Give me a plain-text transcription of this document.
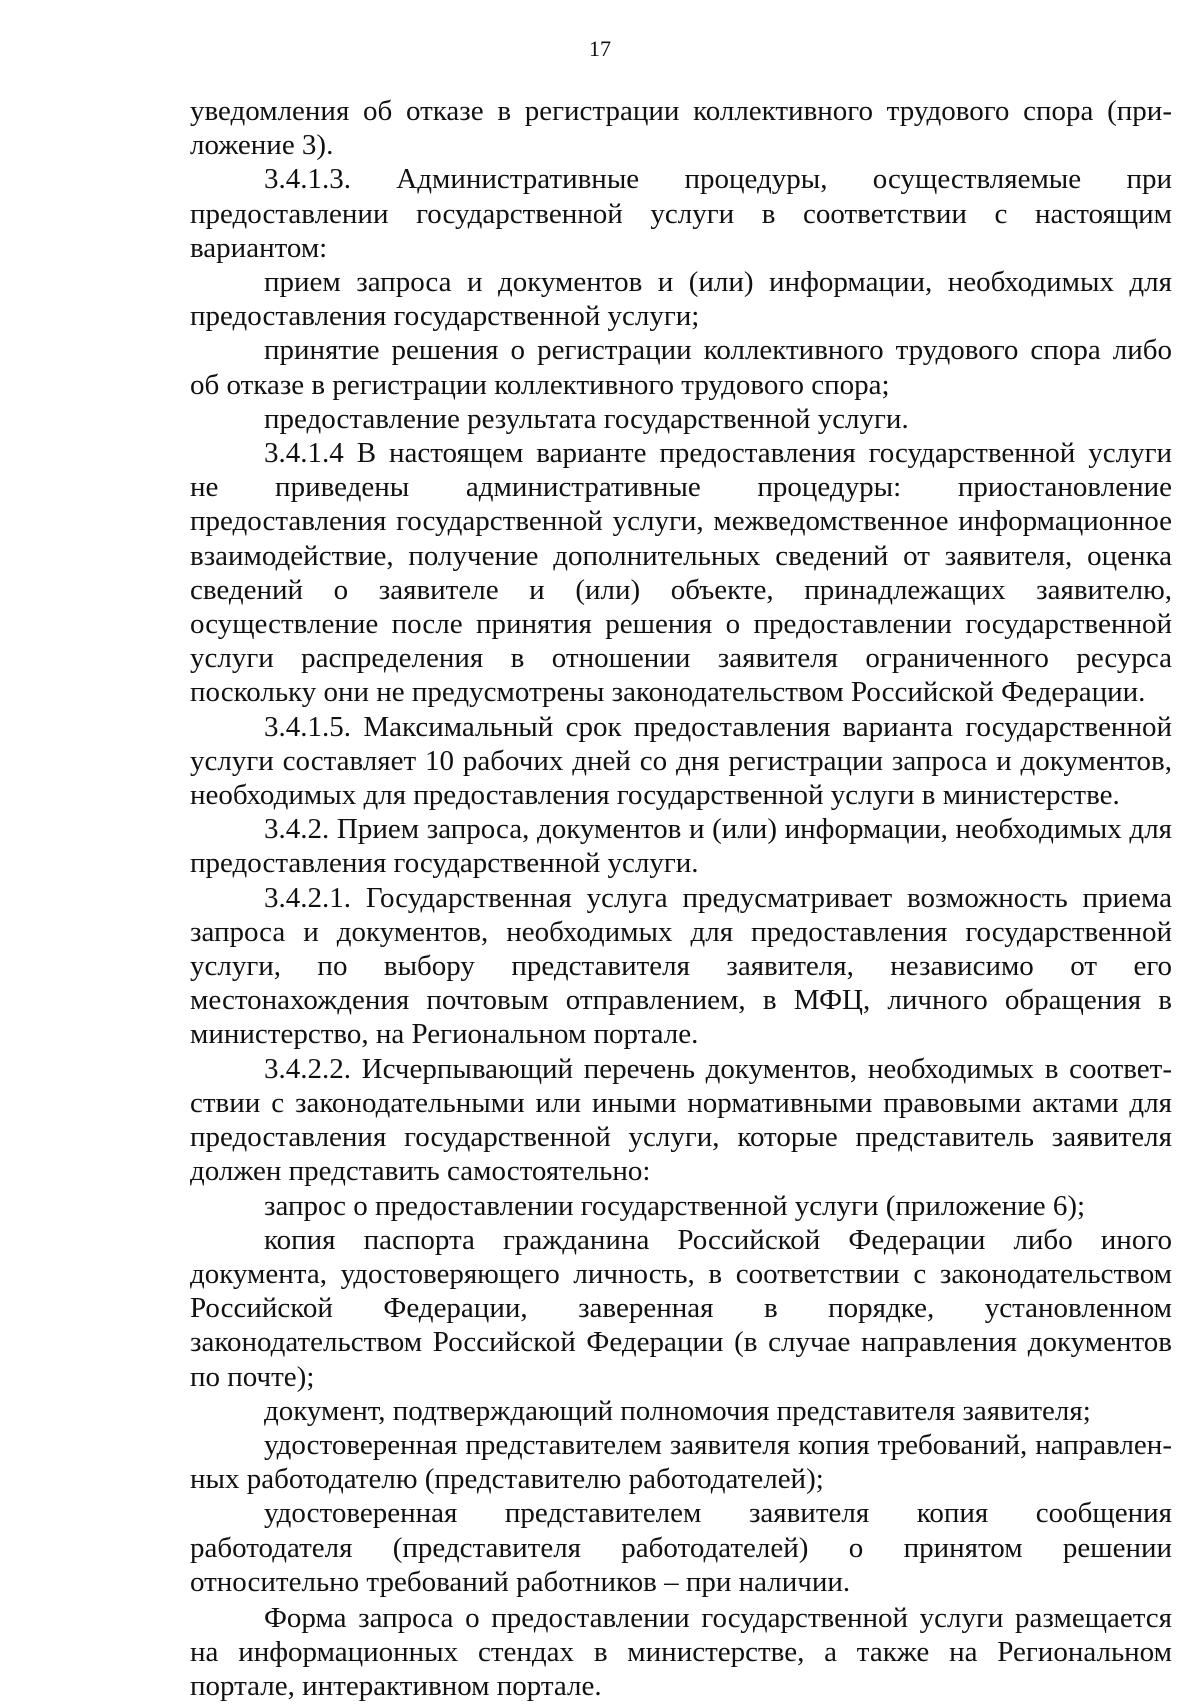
17

уведомления об отказе в регистрации коллективного трудового спора (приложение 3).

3.4.1.3. Административные процедуры, осуществляемые при предоставлении государственной услуги в соответствии с настоящим вариантом:

прием запроса и документов и (или) информации, необходимых для предоставления государственной услуги;

принятие решения о регистрации коллективного трудового спора либо об отказе в регистрации коллективного трудового спора;

предоставление результата государственной услуги.

3.4.1.4 В настоящем варианте предоставления государственной услуги не приведены административные процедуры: приостановление предоставления государственной услуги, межведомственное информационное взаимодействие, получение дополнительных сведений от заявителя, оценка сведений о заявителе и (или) объекте, принадлежащих заявителю, осуществление после принятия решения о предоставлении государственной услуги распределения в отношении заявителя ограниченного ресурса поскольку они не предусмотрены законодательством Российской Федерации.

3.4.1.5. Максимальный срок предоставления варианта государственной услуги составляет 10 рабочих дней со дня регистрации запроса и документов, необходимых для предоставления государственной услуги в министерстве.

3.4.2. Прием запроса, документов и (или) информации, необходимых для предоставления государственной услуги.

3.4.2.1. Государственная услуга предусматривает возможность приема запроса и документов, необходимых для предоставления государственной услуги, по выбору представителя заявителя, независимо от его местонахождения почтовым отправлением, в МФЦ, личного обращения в министерство, на Региональном портале.

3.4.2.2. Исчерпывающий перечень документов, необходимых в соответствии с законодательными или иными нормативными правовыми актами для предоставления государственной услуги, которые представитель заявителя должен представить самостоятельно:

запрос о предоставлении государственной услуги (приложение 6);

копия паспорта гражданина Российской Федерации либо иного документа, удостоверяющего личность, в соответствии с законодательством Российской Федерации, заверенная в порядке, установленном законодательством Российской Федерации (в случае направления документов по почте);

документ, подтверждающий полномочия представителя заявителя;

удостоверенная представителем заявителя копия требований, направленных работодателю (представителю работодателей);

удостоверенная представителем заявителя копия сообщения работодателя (представителя работодателей) о принятом решении относительно требований работников – при наличии.

Форма запроса о предоставлении государственной услуги размещается на информационных стендах в министерстве, а также на Региональном портале, интерактивном портале.
